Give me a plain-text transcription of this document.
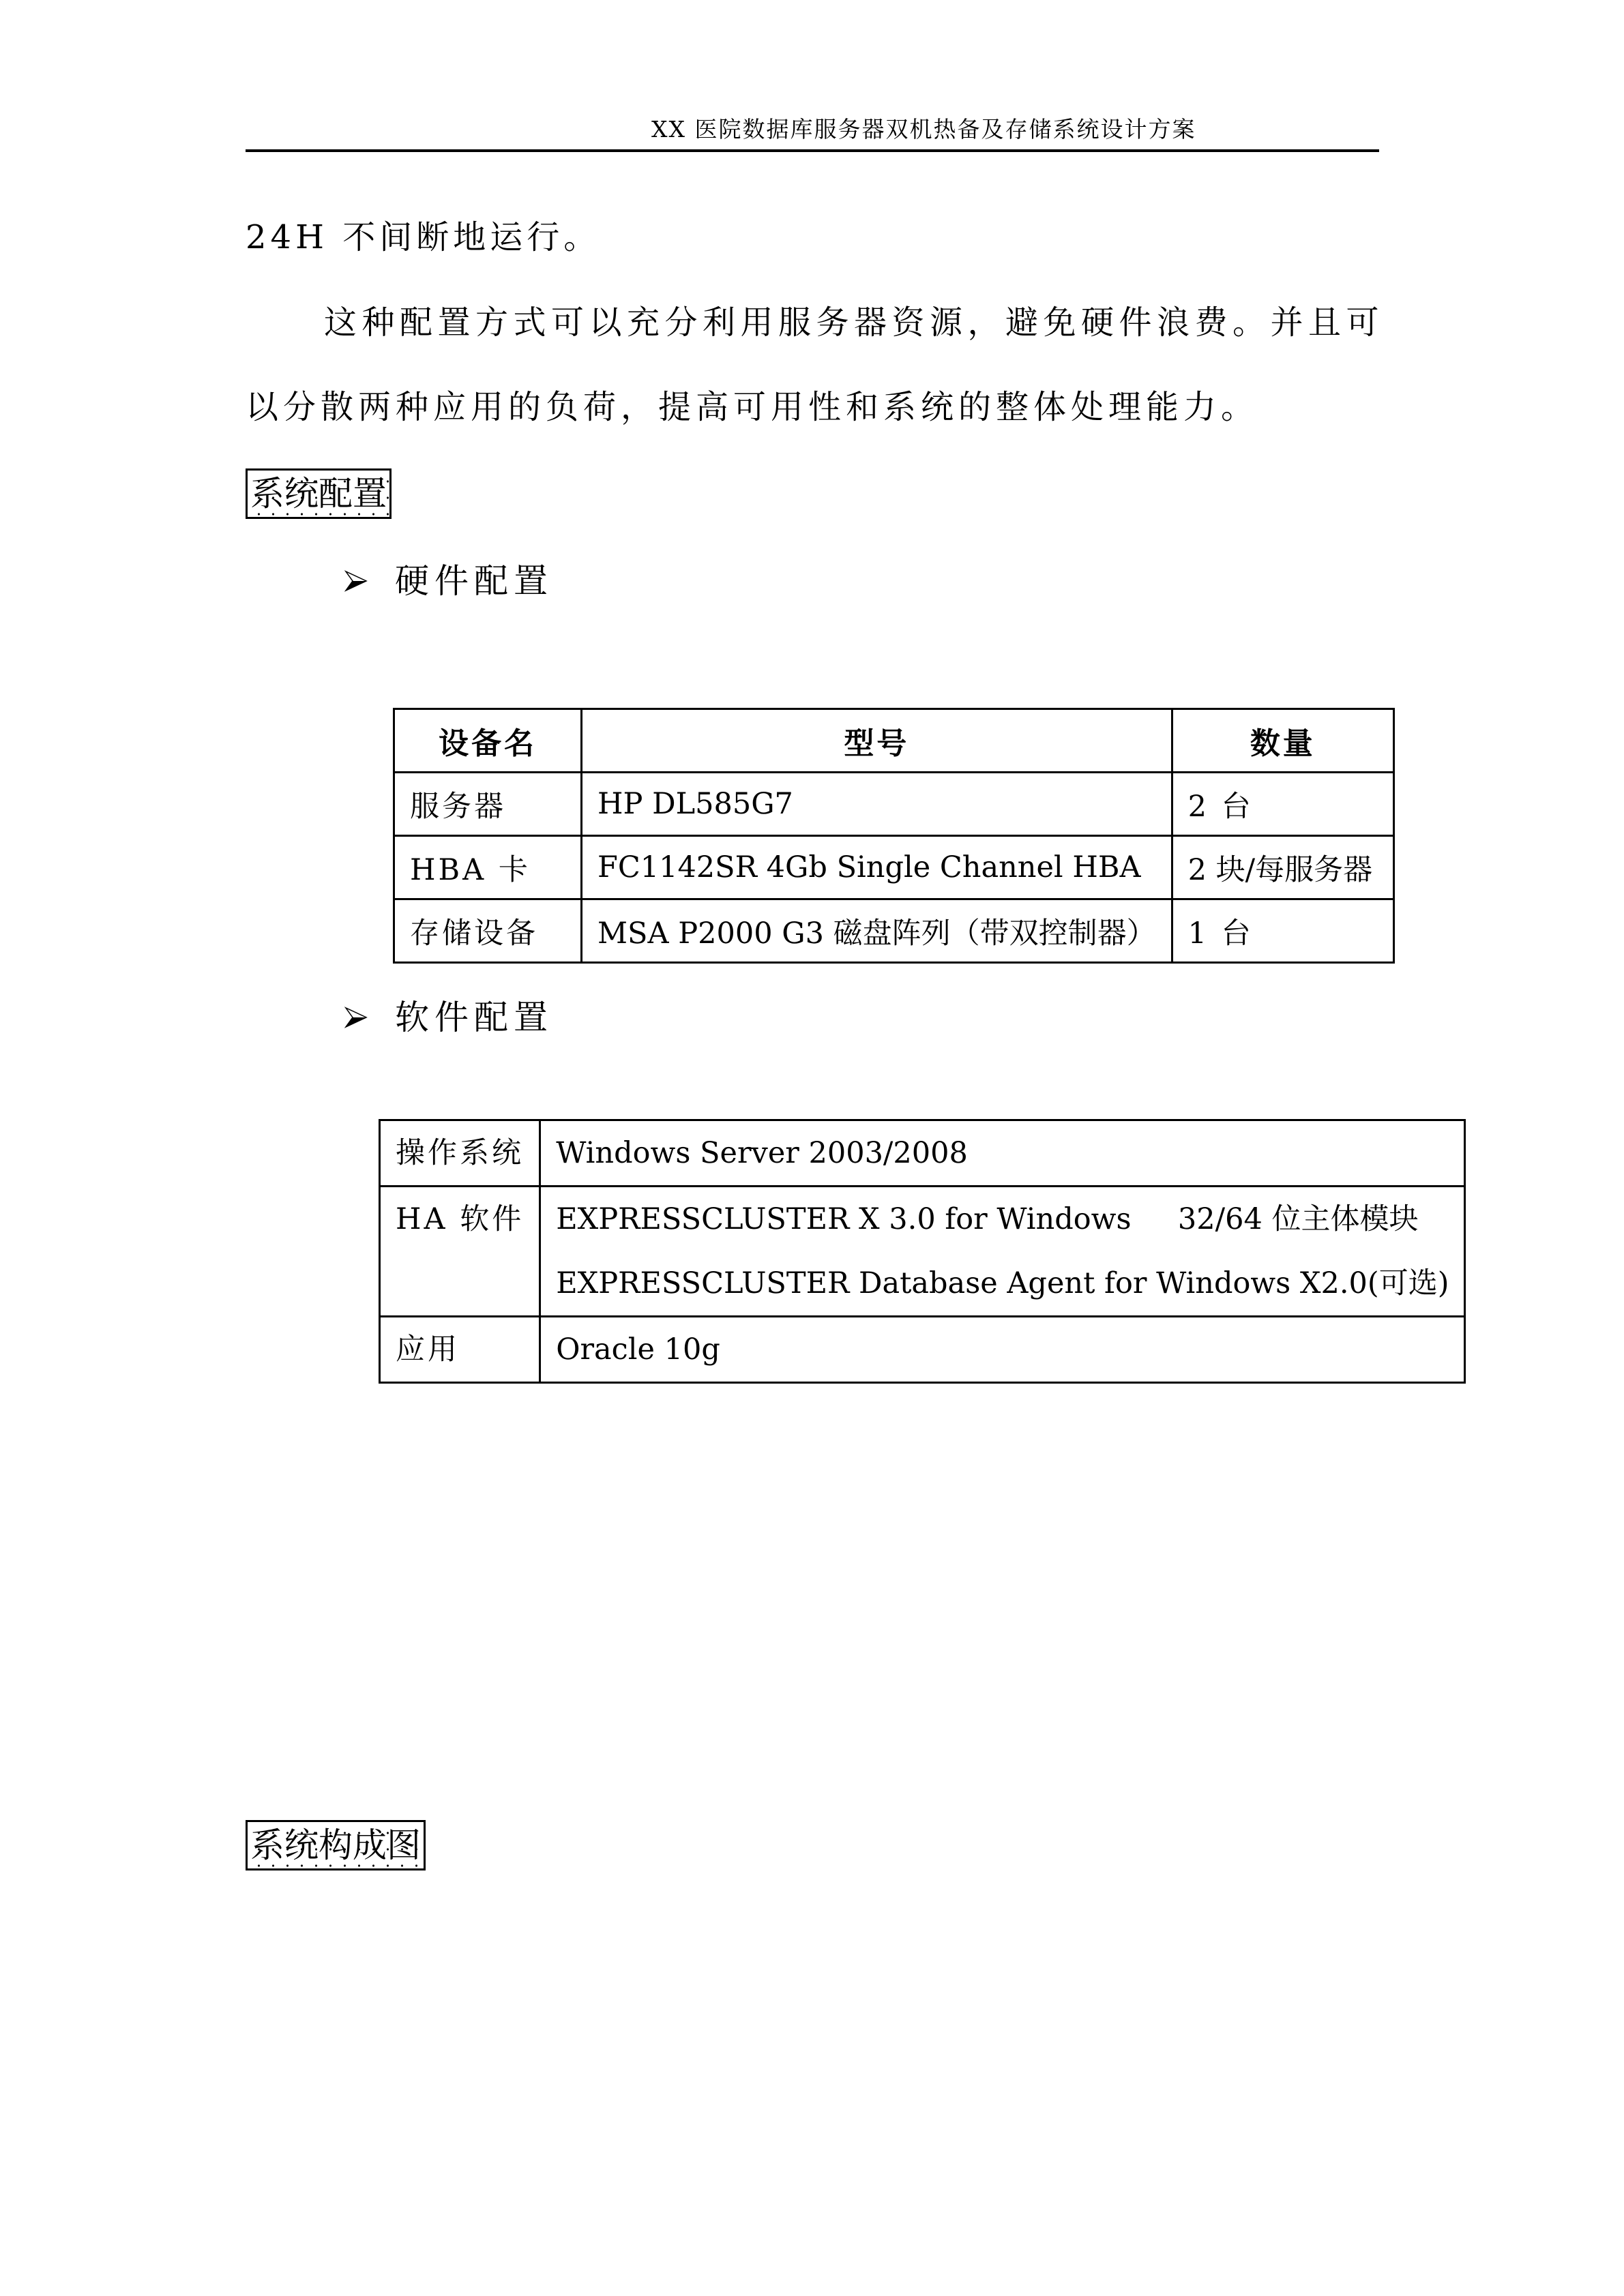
XX 医院数据库服务器双机热备及存储系统设计方案
24H 不间断地运行。
这种配置方式可以充分利用服务器资源，避免硬件浪费。并且可
以分散两种应用的负荷，提高可用性和系统的整体处理能力。
系统配置
硬件配置
设备名	型号	数量
服务器	HP DL585G7	2 台
HBA 卡	FC1142SR 4Gb Single Channel HBA	2 块/每服务器
存储设备	MSA P2000 G3 磁盘阵列（带双控制器）	1 台
软件配置
操作系统	Windows Server 2003/2008
HA 软件	EXPRESSCLUSTER X 3.0 for Windows     32/64 位主体模块
EXPRESSCLUSTER Database Agent for Windows X2.0(可选)

应用	Oracle 10g
系统构成图
